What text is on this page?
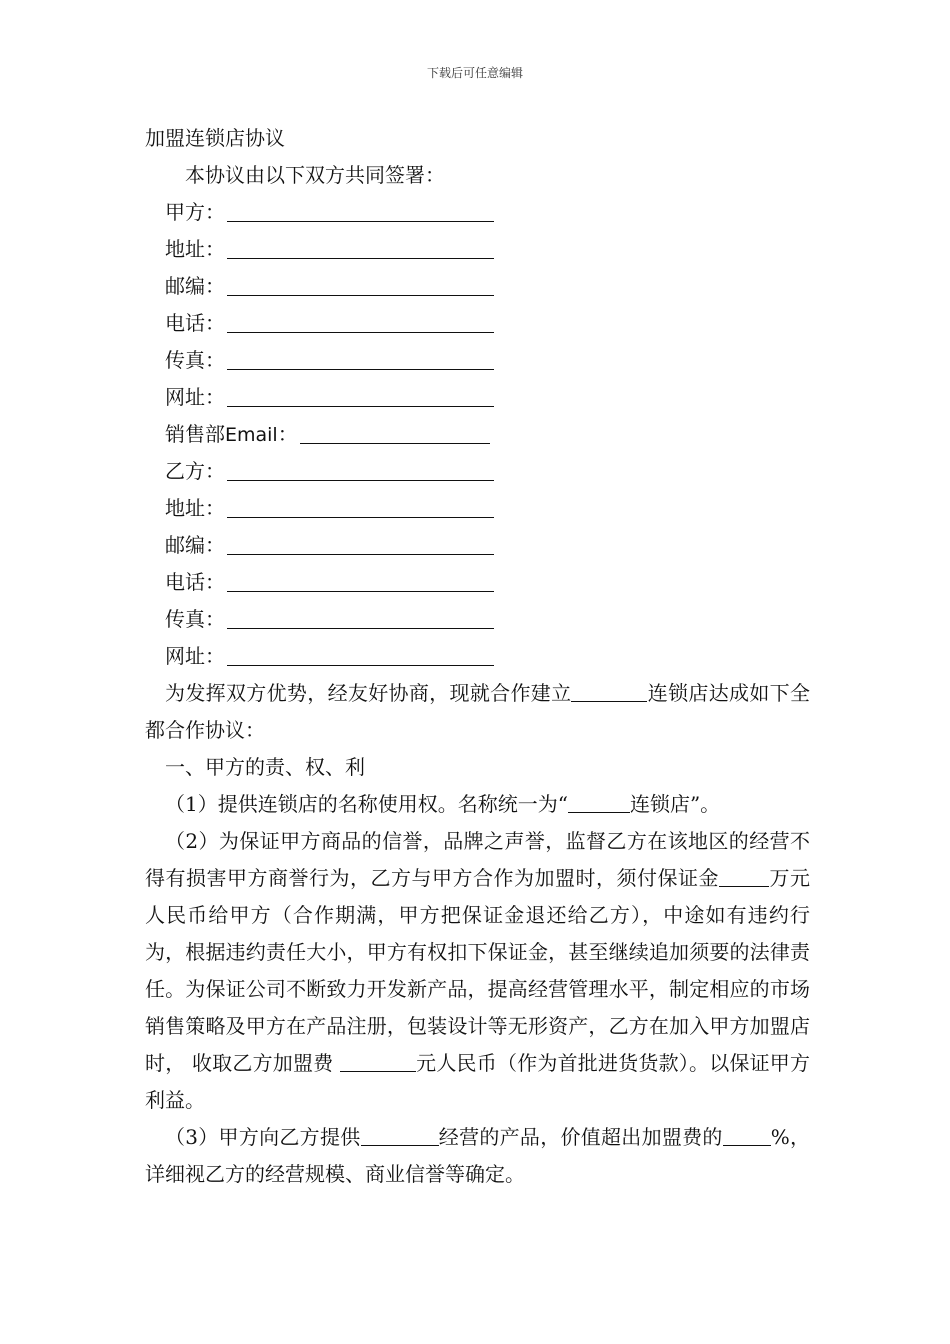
下载后可任意编辑
加盟连锁店协议
本协议由以下双方共同签署：
甲方：
地址：
邮编：
电话：
传真：
网址：
销售部Email：
乙方：
地址：
邮编：
电话：
传真：
网址：
为发挥双方优势，经友好协商，现就合作建立	连锁店达成如下全都合作协议：
一、甲方的责、权、利
（1）提供连锁店的名称使用权。名称统一为“	连锁店”。
（2）为保证甲方商品的信誉，品牌之声誉，监督乙方在该地区的经营不得有损害甲方商誉行为，乙方与甲方合作为加盟时，须付保证金	万元人民币给甲方（合作期满，甲方把保证金退还给乙方），中途如有违约行为，根据违约责任大小，甲方有权扣下保证金，甚至继续追加须要的法律责任。为保证公司不断致力开发新产品，提高经营管理水平，制定相应的市场销售策略及甲方在产品注册，包装设计等无形资产，乙方在加入甲方加盟店时， 收取乙方加盟费	元人民币（作为首批进货货款）。以保证甲方利益。
（3）甲方向乙方提供	经营的产品，价值超出加盟费的 %，详细视乙方的经营规模、商业信誉等确定。
